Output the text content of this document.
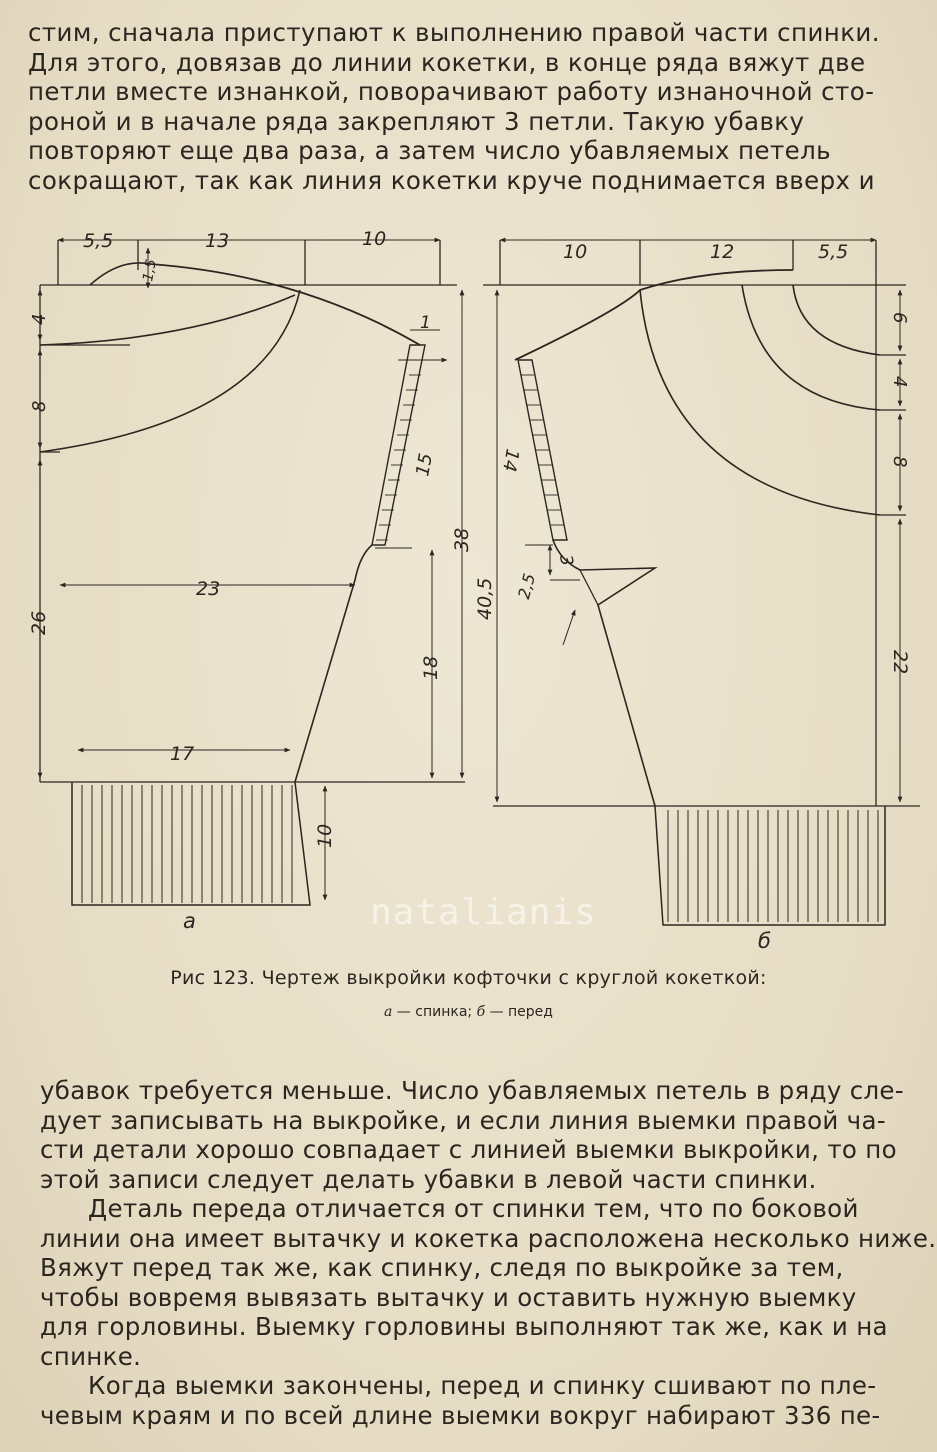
стим, сначала приступают к выполнению правой части спинки.
Для этого, довязав до линии кокетки, в конце ряда вяжут две
петли вместе изнанкой, поворачивают работу изнаночной сто-
роной и в начале ряда закрепляют 3 петли. Такую убавку
повторяют еще два раза, а затем число убавляемых петель
сокращают, так как линия кокетки круче поднимается вверх и
5,5	13	10
1,5
4
8
26
23
1
15
38
18
17
10
а
10	12	5,5
6
4
8
22
14
3
2,5
40,5
б
natalianis

Рис 123. Чертеж выкройки кофточки с круглой кокеткой:

а — спинка; б — перед

убавок требуется меньше. Число убавляемых петель в ряду сле-
дует записывать на выкройке, и если линия выемки правой ча-
сти детали хорошо совпадает с линией выемки выкройки, то по
этой записи следует делать убавки в левой части спинки.
Деталь переда отличается от спинки тем, что по боковой
линии она имеет вытачку и кокетка расположена несколько ниже.
Вяжут перед так же, как спинку, следя по выкройке за тем,
чтобы вовремя вывязать вытачку и оставить нужную выемку
для горловины. Выемку горловины выполняют так же, как и на
спинке.
Когда выемки закончены, перед и спинку сшивают по пле-
чевым краям и по всей длине выемки вокруг набирают 336 пе-
